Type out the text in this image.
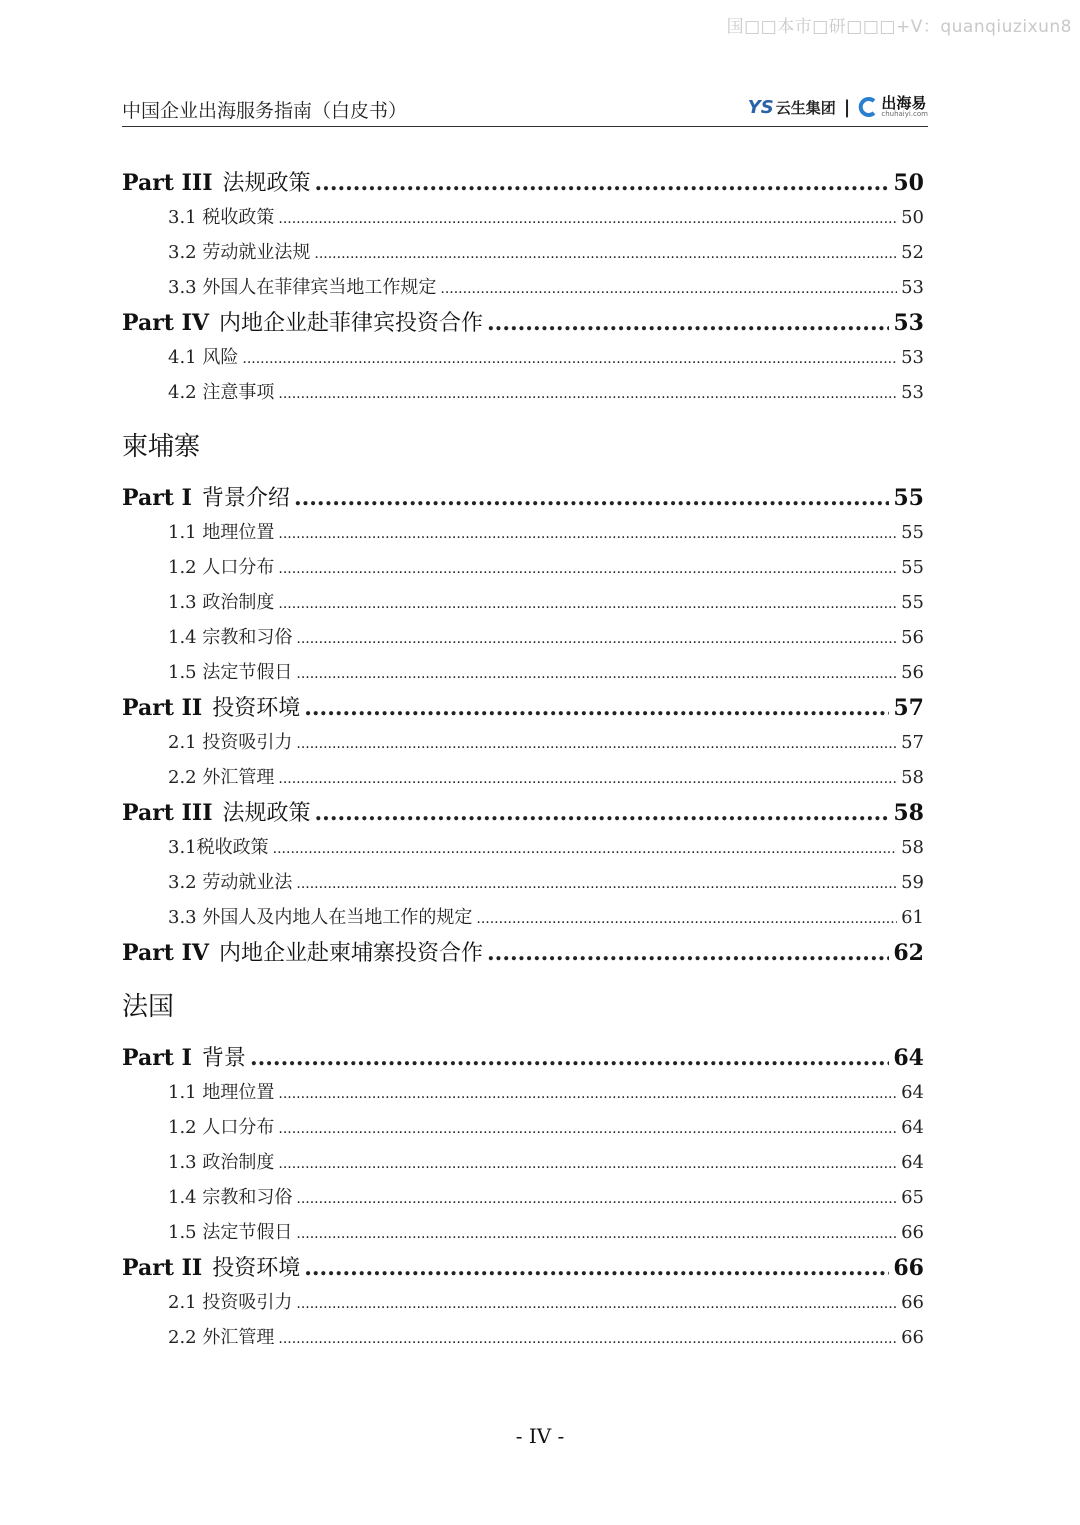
国□□本市□研□□□+V：quanqiuzixun8
中国企业出海服务指南（白皮书）	YS 云生集团 | 出海易
chuhaiyi.com
Part III 法规政策 .....	50
3.1 税收政策 .....	50
3.2 劳动就业法规 .....	52
3.3 外国人在菲律宾当地工作规定 .....	53
Part IV 内地企业赴菲律宾投资合作 .....	53
4.1 风险 .....	53
4.2 注意事项 .....	53
柬埔寨
Part I 背景介绍 .....	55
1.1 地理位置 .....	55
1.2 人口分布 .....	55
1.3 政治制度 .....	55
1.4 宗教和习俗 .....	56
1.5 法定节假日 .....	56
Part II 投资环境 .....	57
2.1 投资吸引力 .....	57
2.2 外汇管理 .....	58
Part III 法规政策 .....	58
3.1税收政策 .....	58
3.2 劳动就业法 .....	59
3.3 外国人及内地人在当地工作的规定 .....	61
Part IV 内地企业赴柬埔寨投资合作 .....	62
法国
Part I 背景 .....	64
1.1 地理位置 .....	64
1.2 人口分布 .....	64
1.3 政治制度 .....	64
1.4 宗教和习俗 .....	65
1.5 法定节假日 .....	66
Part II 投资环境 .....	66
2.1 投资吸引力 .....	66
2.2 外汇管理 .....	66
- IV -
